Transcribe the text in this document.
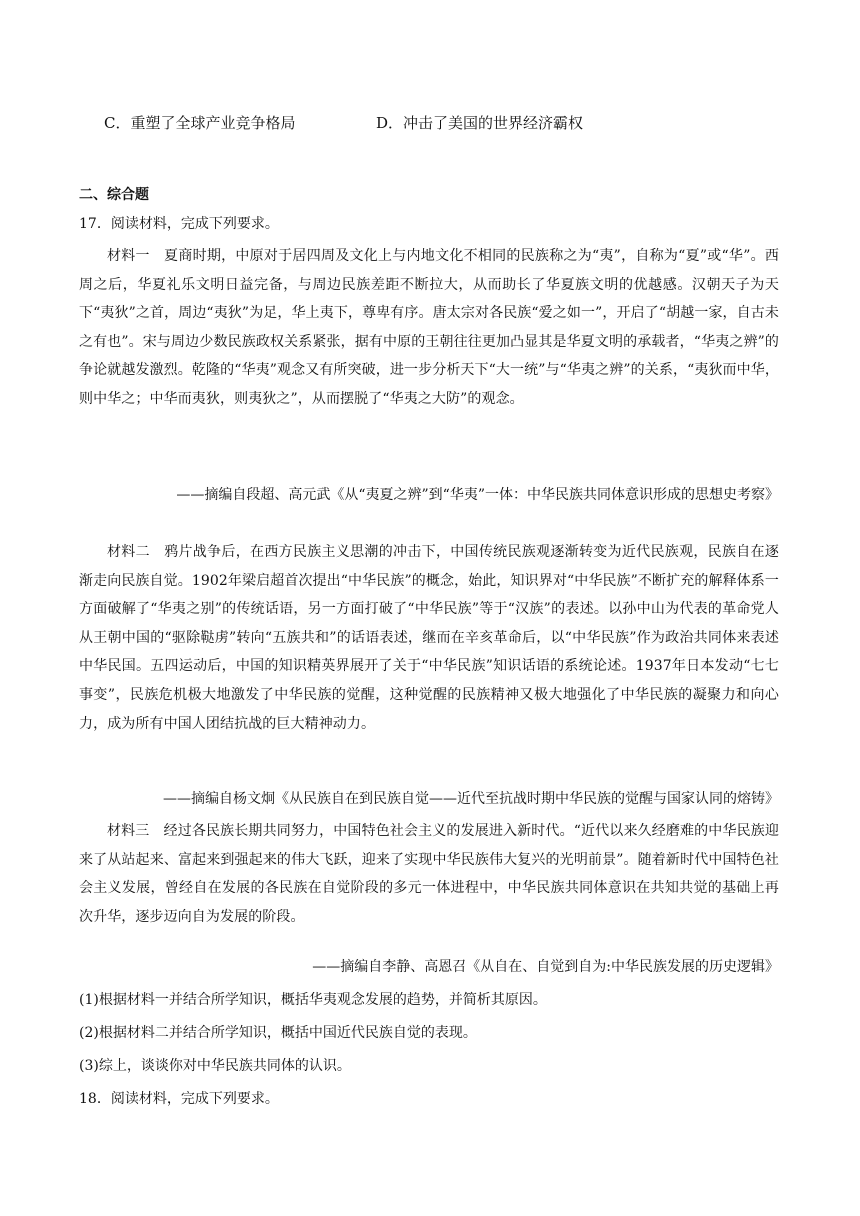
C．重塑了全球产业竞争格局	D．冲击了美国的世界经济霸权
二、综合题
17．阅读材料，完成下列要求。
材料一　夏商时期，中原对于居四周及文化上与内地文化不相同的民族称之为“夷”，自称为“夏”或“华”。西周之后，华夏礼乐文明日益完备，与周边民族差距不断拉大，从而助长了华夏族文明的优越感。汉朝天子为天下“夷狄”之首，周边“夷狄”为足，华上夷下，尊卑有序。唐太宗对各民族“爱之如一”，开启了“胡越一家，自古未之有也”。宋与周边少数民族政权关系紧张，据有中原的王朝往往更加凸显其是华夏文明的承载者，“华夷之辨”的争论就越发激烈。乾隆的“华夷”观念又有所突破，进一步分析天下“大一统”与“华夷之辨”的关系，“夷狄而中华，则中华之；中华而夷狄，则夷狄之”，从而摆脱了“华夷之大防”的观念。
——摘编自段超、高元武《从“夷夏之辨”到“华夷”一体：中华民族共同体意识形成的思想史考察》
材料二　鸦片战争后，在西方民族主义思潮的冲击下，中国传统民族观逐渐转变为近代民族观，民族自在逐渐走向民族自觉。1902年梁启超首次提出“中华民族”的概念，始此，知识界对“中华民族”不断扩充的解释体系一方面破解了“华夷之别”的传统话语，另一方面打破了“中华民族”等于“汉族”的表述。以孙中山为代表的革命党人从王朝中国的“驱除鞑虏”转向“五族共和”的话语表述，继而在辛亥革命后，以“中华民族”作为政治共同体来表述中华民国。五四运动后，中国的知识精英界展开了关于“中华民族”知识话语的系统论述。1937年日本发动“七七事变”，民族危机极大地激发了中华民族的觉醒，这种觉醒的民族精神又极大地强化了中华民族的凝聚力和向心力，成为所有中国人团结抗战的巨大精神动力。
——摘编自杨文炯《从民族自在到民族自觉——近代至抗战时期中华民族的觉醒与国家认同的熔铸》
材料三　经过各民族长期共同努力，中国特色社会主义的发展进入新时代。“近代以来久经磨难的中华民族迎来了从站起来、富起来到强起来的伟大飞跃，迎来了实现中华民族伟大复兴的光明前景”。随着新时代中国特色社会主义发展，曾经自在发展的各民族在自觉阶段的多元一体进程中，中华民族共同体意识在共知共觉的基础上再次升华，逐步迈向自为发展的阶段。
——摘编自李静、高恩召《从自在、自觉到自为:中华民族发展的历史逻辑》
(1)根据材料一并结合所学知识，概括华夷观念发展的趋势，并简析其原因。
(2)根据材料二并结合所学知识，概括中国近代民族自觉的表现。
(3)综上，谈谈你对中华民族共同体的认识。
18．阅读材料，完成下列要求。
